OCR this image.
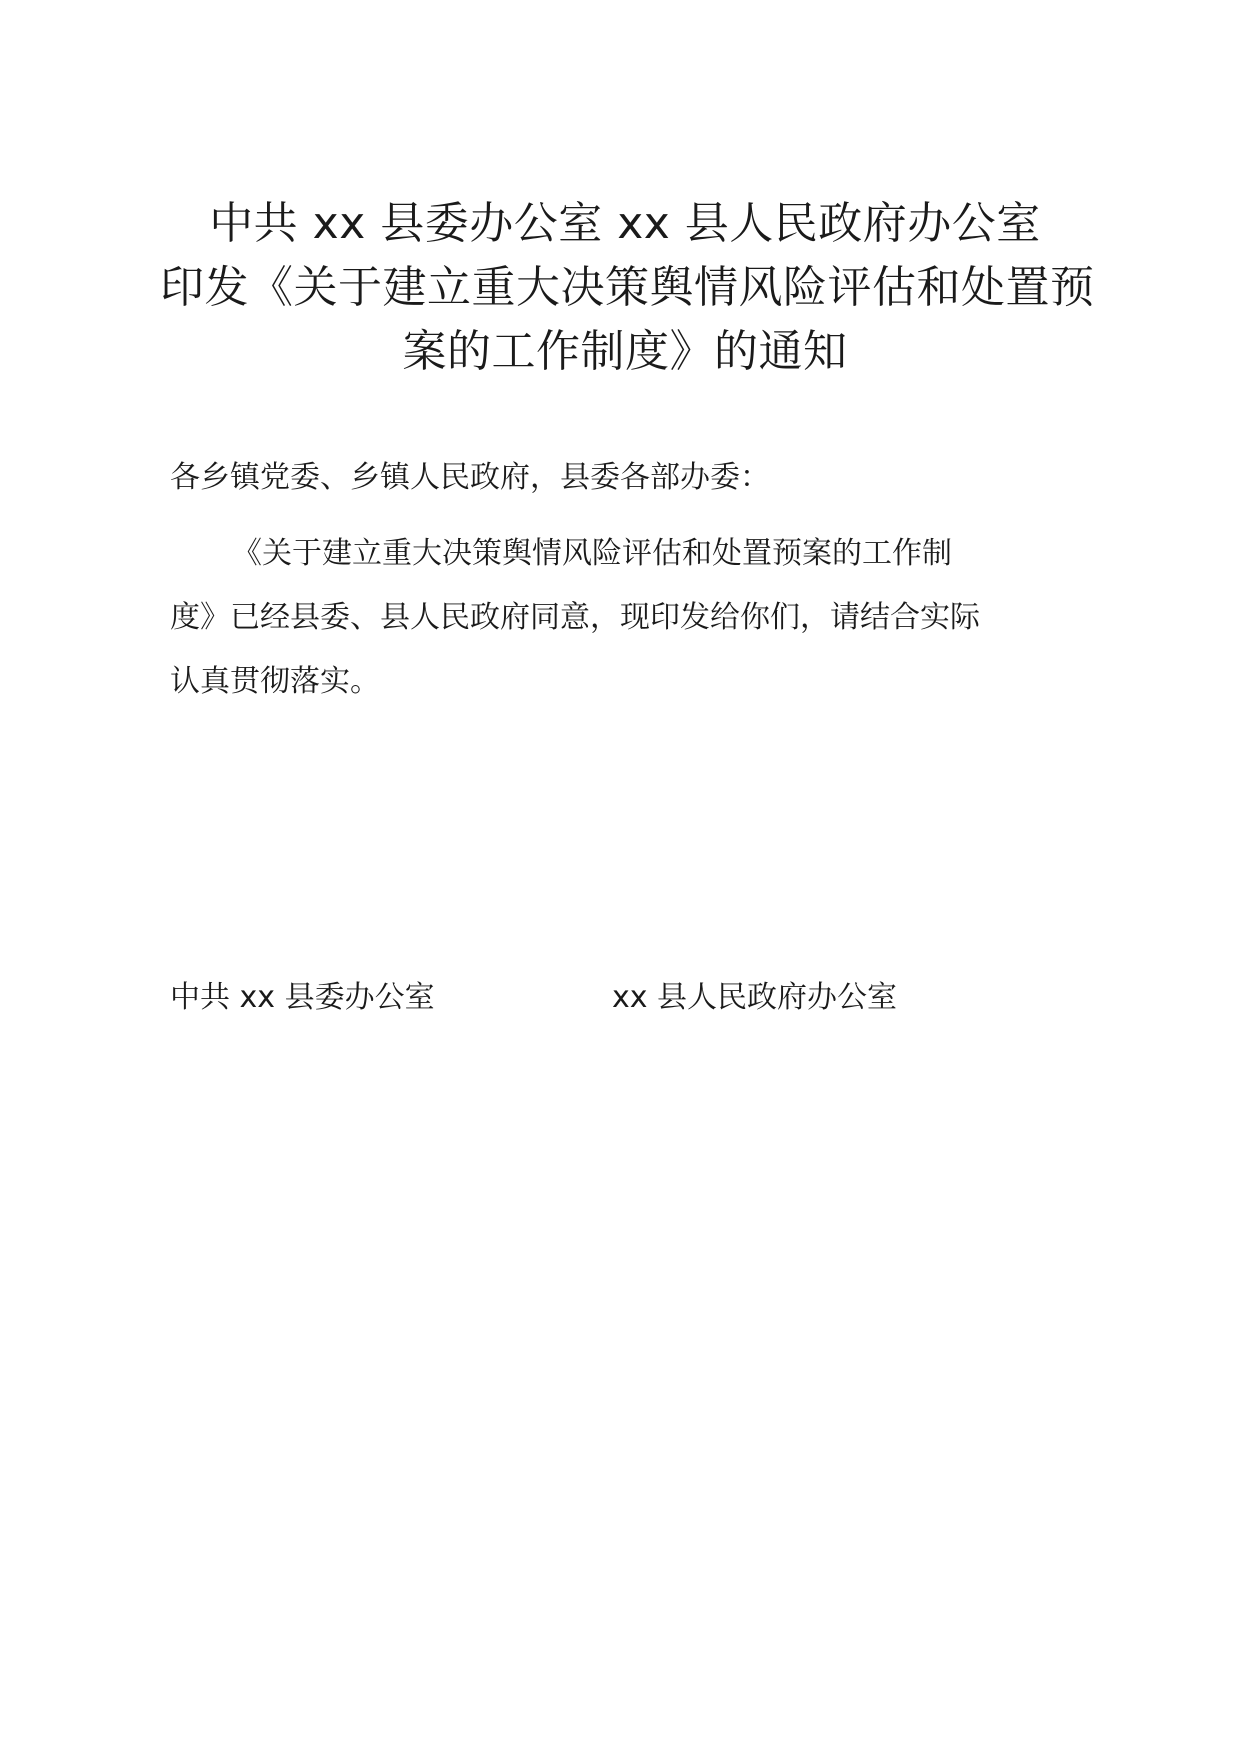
中共 xx 县委办公室 xx 县人民政府办公室
印发《关于建立重大决策舆情风险评估和处置预
案的工作制度》的通知
各乡镇党委、乡镇人民政府，县委各部办委：
《关于建立重大决策舆情风险评估和处置预案的工作制
度》已经县委、县人民政府同意，现印发给你们，请结合实际
认真贯彻落实。
中共 xx 县委办公室	xx 县人民政府办公室
